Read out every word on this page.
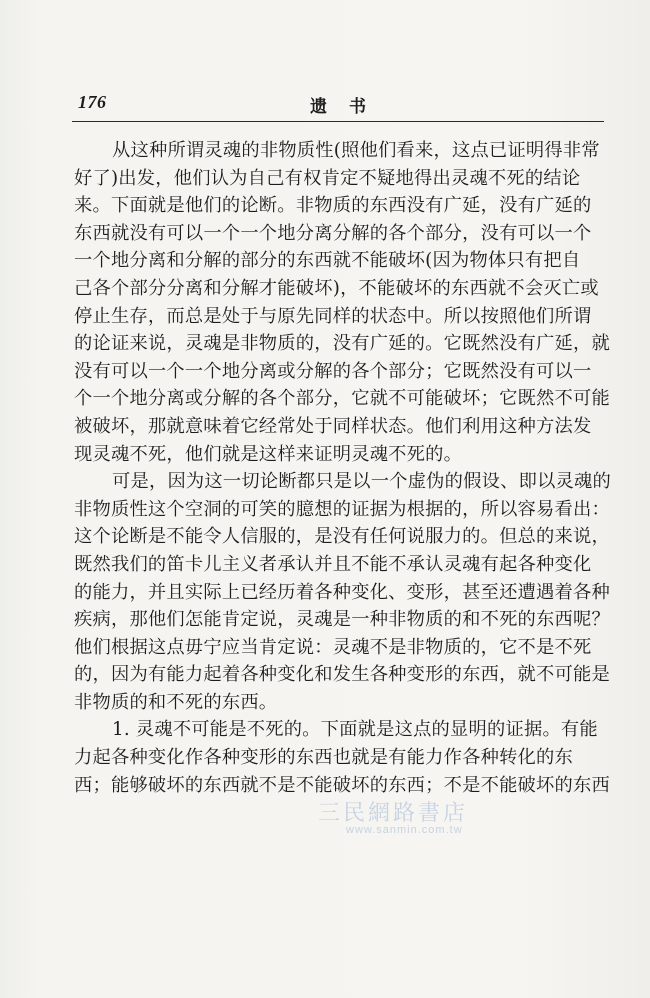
176	遗书
从这种所谓灵魂的非物质性(照他们看来，这点已证明得非常
好了)出发，他们认为自己有权肯定不疑地得出灵魂不死的结论
来。下面就是他们的论断。非物质的东西没有广延，没有广延的
东西就没有可以一个一个地分离分解的各个部分，没有可以一个
一个地分离和分解的部分的东西就不能破坏(因为物体只有把自
己各个部分分离和分解才能破坏)，不能破坏的东西就不会灭亡或
停止生存，而总是处于与原先同样的状态中。所以按照他们所谓
的论证来说，灵魂是非物质的，没有广延的。它既然没有广延，就
没有可以一个一个地分离或分解的各个部分；它既然没有可以一
个一个地分离或分解的各个部分，它就不可能破坏；它既然不可能
被破坏，那就意味着它经常处于同样状态。他们利用这种方法发
现灵魂不死，他们就是这样来证明灵魂不死的。
可是，因为这一切论断都只是以一个虚伪的假设、即以灵魂的
非物质性这个空洞的可笑的臆想的证据为根据的，所以容易看出：
这个论断是不能令人信服的，是没有任何说服力的。但总的来说，
既然我们的笛卡儿主义者承认并且不能不承认灵魂有起各种变化
的能力，并且实际上已经历着各种变化、变形，甚至还遭遇着各种
疾病，那他们怎能肯定说，灵魂是一种非物质的和不死的东西呢？
他们根据这点毋宁应当肯定说：灵魂不是非物质的，它不是不死
的，因为有能力起着各种变化和发生各种变形的东西，就不可能是
非物质的和不死的东西。
1. 灵魂不可能是不死的。下面就是这点的显明的证据。有能
力起各种变化作各种变形的东西也就是有能力作各种转化的东
西；能够破坏的东西就不是不能破坏的东西；不是不能破坏的东西
三民網路書店
www.sanmin.com.tw
